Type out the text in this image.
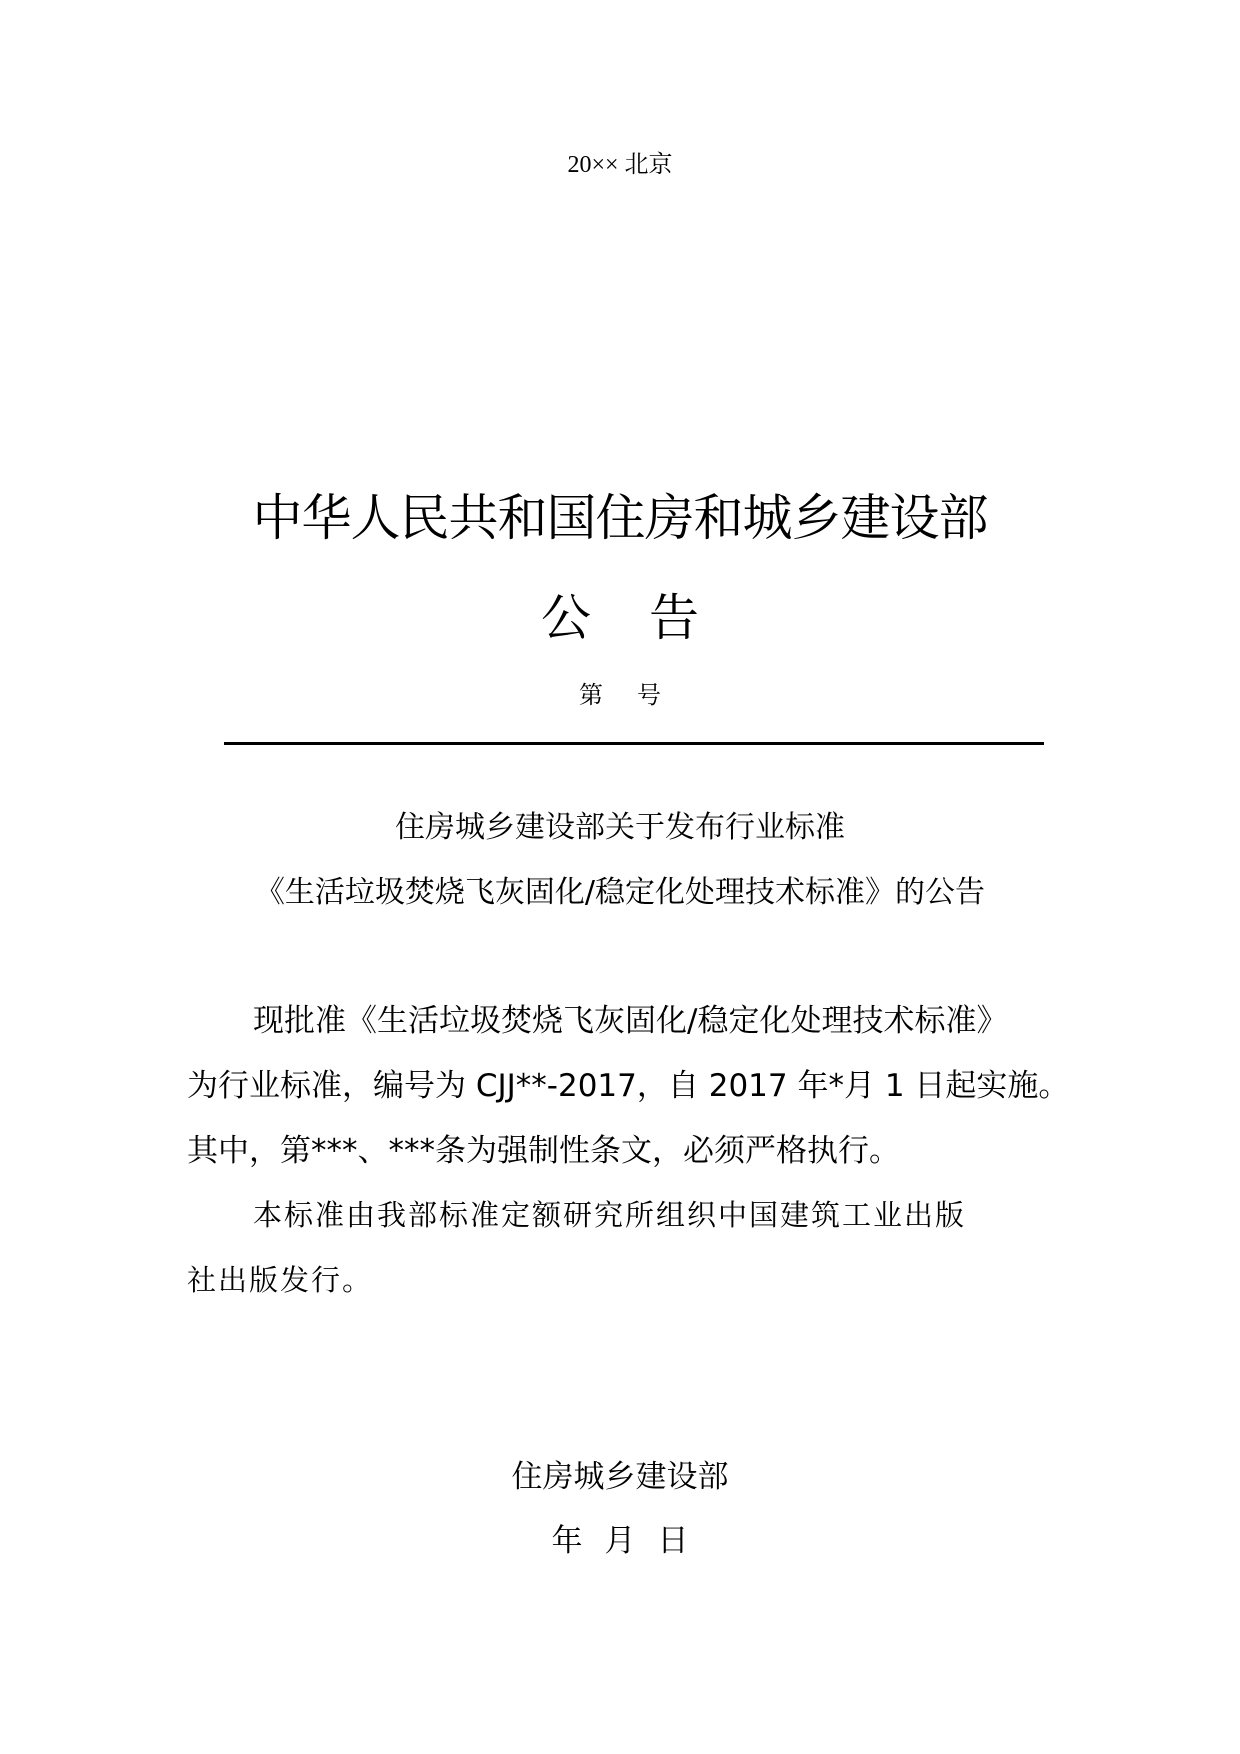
20×× 北京
中华人民共和国住房和城乡建设部
公告
第号
住房城乡建设部关于发布行业标准
《生活垃圾焚烧飞灰固化/稳定化处理技术标准》的公告
现批准《生活垃圾焚烧飞灰固化/稳定化处理技术标准》
为行业标准，编号为 CJJ**-2017，自 2017 年*月 1 日起实施。
其中，第***、***条为强制性条文，必须严格执行。
本标准由我部标准定额研究所组织中国建筑工业出版
社出版发行。
住房城乡建设部
年月日
